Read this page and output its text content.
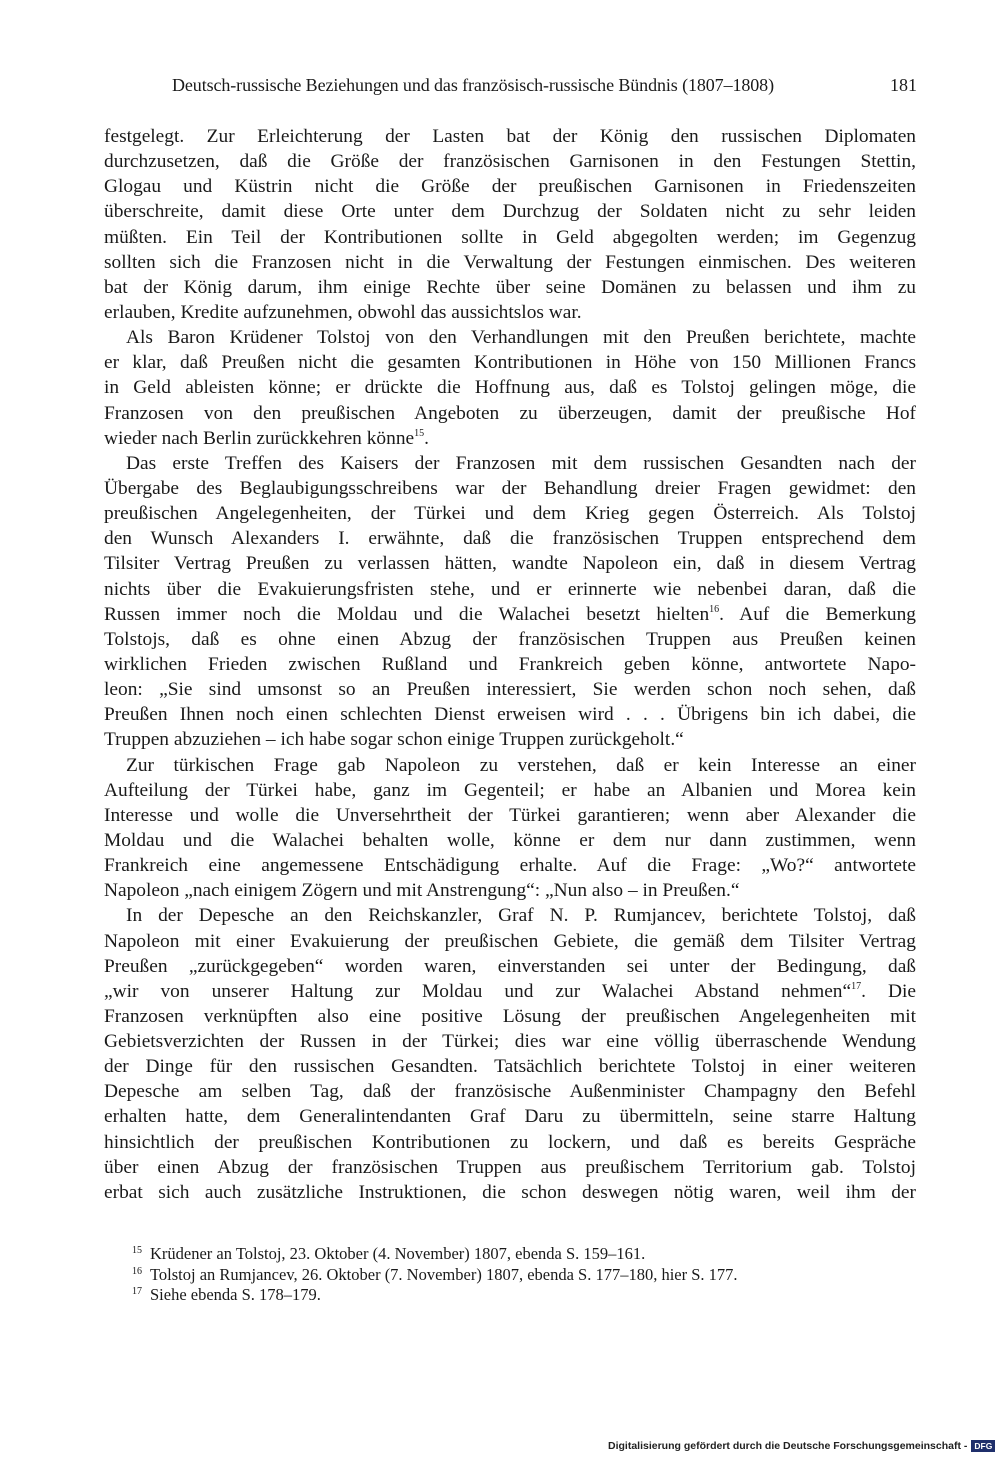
Deutsch-russische Beziehungen und das französisch-russische Bündnis (1807–1808)	181
festgelegt. Zur Erleichterung der Lasten bat der König den russischen Diplomaten
durchzusetzen, daß die Größe der französischen Garnisonen in den Festungen Stettin,
Glogau und Küstrin nicht die Größe der preußischen Garnisonen in Friedenszeiten
überschreite, damit diese Orte unter dem Durchzug der Soldaten nicht zu sehr leiden
müßten. Ein Teil der Kontributionen sollte in Geld abgegolten werden; im Gegenzug
sollten sich die Franzosen nicht in die Verwaltung der Festungen einmischen. Des weiteren
bat der König darum, ihm einige Rechte über seine Domänen zu belassen und ihm zu
erlauben, Kredite aufzunehmen, obwohl das aussichtslos war.
Als Baron Krüdener Tolstoj von den Verhandlungen mit den Preußen berichtete, machte
er klar, daß Preußen nicht die gesamten Kontributionen in Höhe von 150 Millionen Francs
in Geld ableisten könne; er drückte die Hoffnung aus, daß es Tolstoj gelingen möge, die
Franzosen von den preußischen Angeboten zu überzeugen, damit der preußische Hof
wieder nach Berlin zurückkehren könne$^{15}$.
Das erste Treffen des Kaisers der Franzosen mit dem russischen Gesandten nach der
Übergabe des Beglaubigungsschreibens war der Behandlung dreier Fragen gewidmet: den
preußischen Angelegenheiten, der Türkei und dem Krieg gegen Österreich. Als Tolstoj
den Wunsch Alexanders I. erwähnte, daß die französischen Truppen entsprechend dem
Tilsiter Vertrag Preußen zu verlassen hätten, wandte Napoleon ein, daß in diesem Vertrag
nichts über die Evakuierungsfristen stehe, und er erinnerte wie nebenbei daran, daß die
Russen immer noch die Moldau und die Walachei besetzt hielten$^{16}$. Auf die Bemerkung
Tolstojs, daß es ohne einen Abzug der französischen Truppen aus Preußen keinen
wirklichen Frieden zwischen Rußland und Frankreich geben könne, antwortete Napo-
leon: „Sie sind umsonst so an Preußen interessiert, Sie werden schon noch sehen, daß
Preußen Ihnen noch einen schlechten Dienst erweisen wird . . . Übrigens bin ich dabei, die
Truppen abzuziehen – ich habe sogar schon einige Truppen zurückgeholt.“
Zur türkischen Frage gab Napoleon zu verstehen, daß er kein Interesse an einer
Aufteilung der Türkei habe, ganz im Gegenteil; er habe an Albanien und Morea kein
Interesse und wolle die Unversehrtheit der Türkei garantieren; wenn aber Alexander die
Moldau und die Walachei behalten wolle, könne er dem nur dann zustimmen, wenn
Frankreich eine angemessene Entschädigung erhalte. Auf die Frage: „Wo?“ antwortete
Napoleon „nach einigem Zögern und mit Anstrengung“: „Nun also – in Preußen.“
In der Depesche an den Reichskanzler, Graf N. P. Rumjancev, berichtete Tolstoj, daß
Napoleon mit einer Evakuierung der preußischen Gebiete, die gemäß dem Tilsiter Vertrag
Preußen „zurückgegeben“ worden waren, einverstanden sei unter der Bedingung, daß
„wir von unserer Haltung zur Moldau und zur Walachei Abstand nehmen“$^{17}$. Die
Franzosen verknüpften also eine positive Lösung der preußischen Angelegenheiten mit
Gebietsverzichten der Russen in der Türkei; dies war eine völlig überraschende Wendung
der Dinge für den russischen Gesandten. Tatsächlich berichtete Tolstoj in einer weiteren
Depesche am selben Tag, daß der französische Außenminister Champagny den Befehl
erhalten hatte, dem Generalintendanten Graf Daru zu übermitteln, seine starre Haltung
hinsichtlich der preußischen Kontributionen zu lockern, und daß es bereits Gespräche
über einen Abzug der französischen Truppen aus preußischem Territorium gab. Tolstoj
erbat sich auch zusätzliche Instruktionen, die schon deswegen nötig waren, weil ihm der
$^{15}$ Krüdener an Tolstoj, 23. Oktober (4. November) 1807, ebenda S. 159–161.
$^{16}$ Tolstoj an Rumjancev, 26. Oktober (7. November) 1807, ebenda S. 177–180, hier S. 177.
$^{17}$ Siehe ebenda S. 178–179.
Digitalisierung gefördert durch die Deutsche Forschungsgemeinschaft - DFG
